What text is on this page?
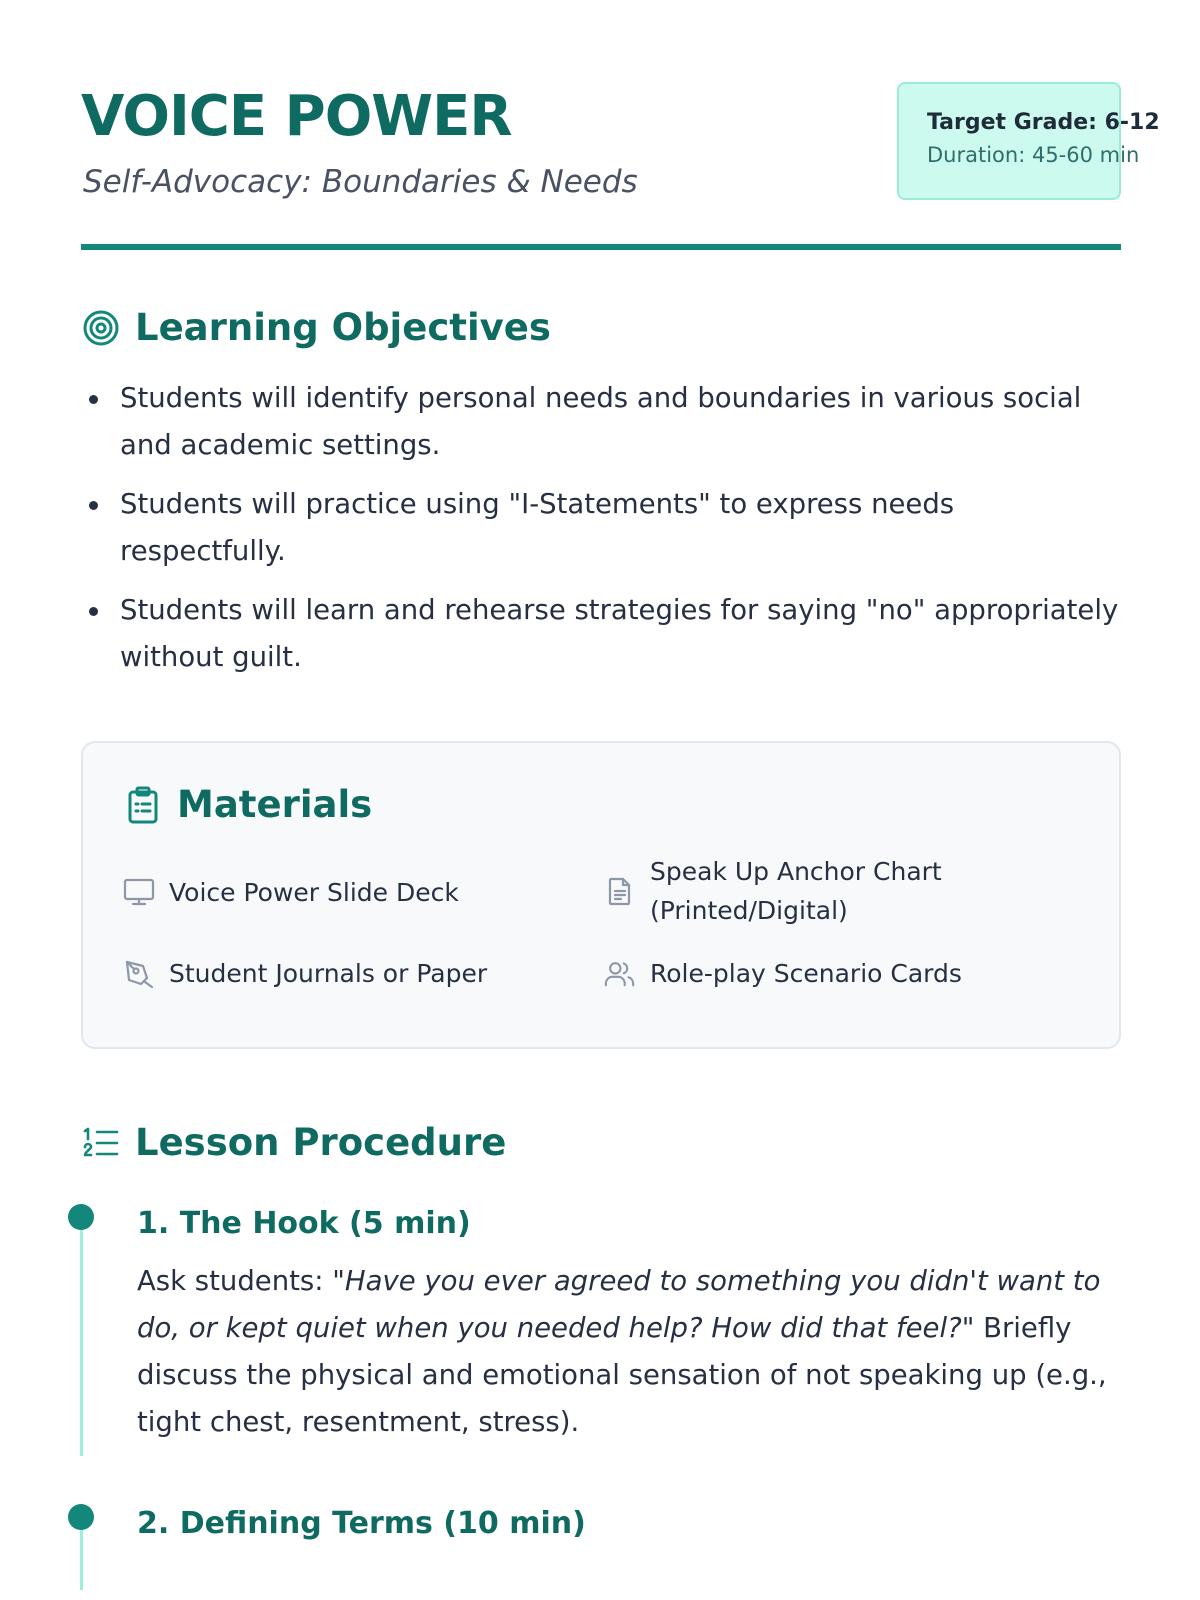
VOICE POWER
Self-Advocacy: Boundaries & Needs
Target Grade: 6-12
Duration: 45-60 min
Learning Objectives
Students will identify personal needs and boundaries in various social and academic settings.
Students will practice using "I-Statements" to express needs respectfully.
Students will learn and rehearse strategies for saying "no" appropriately without guilt.
Materials
Voice Power Slide Deck
Speak Up Anchor Chart (Printed/Digital)
Student Journals or Paper	Role-play Scenario Cards
Lesson Procedure
1. The Hook (5 min)
Ask students: "Have you ever agreed to something you didn't want to do, or kept quiet when you needed help? How did that feel?" Briefly discuss the physical and emotional sensation of not speaking up (e.g., tight chest, resentment, stress).
2. Defining Terms (10 min)
